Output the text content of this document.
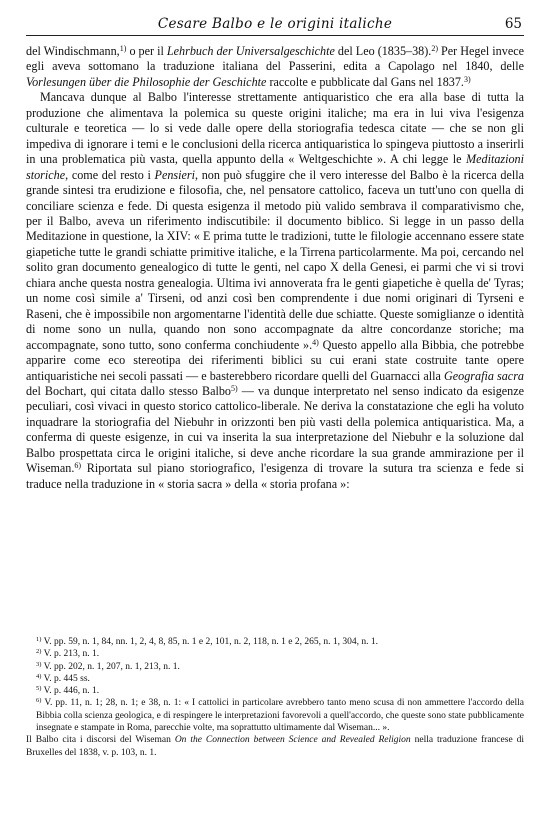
Cesare Balbo e le origini italiche	65

del Windischmann,$^{1)}$ o per il Lehrbuch der Universalgeschichte del Leo (1835–38).$^{2)}$ Per Hegel invece egli aveva sottomano la traduzione italiana del Passerini, edita a Capolago nel 1840, delle Vorlesungen über die Philosophie der Geschichte raccolte e pubblicate dal Gans nel 1837.$^{3)}$

Mancava dunque al Balbo l'interesse strettamente antiquaristico che era alla base di tutta la produzione che alimentava la polemica su queste origini italiche; ma era in lui viva l'esigenza culturale e teoretica — lo si vede dalle opere della storiografia tedesca citate — che se non gli impediva di ignorare i temi e le conclusioni della ricerca antiquaristica lo spingeva piuttosto a inserirli in una problematica più vasta, quella appunto della « Weltgeschichte ». A chi legge le Meditazioni storiche, come del resto i Pensieri, non può sfuggire che il vero interesse del Balbo è la ricerca della grande sintesi tra erudizione e filosofia, che, nel pensatore cattolico, faceva un tutt'uno con quella di conciliare scienza e fede. Di questa esigenza il metodo più valido sembrava il comparativismo che, per il Balbo, aveva un riferimento indiscutibile: il documento biblico. Si legge in un passo della Meditazione in questione, la XIV: « E prima tutte le tradizioni, tutte le filologie accennano essere state giapetiche tutte le grandi schiatte primitive italiche, e la Tirrena particolarmente. Ma poi, cercando nel solito gran documento genealogico di tutte le genti, nel capo X della Genesi, ei parmi che vi si trovi chiara anche questa nostra genealogia. Ultima ivi annoverata fra le genti giapetiche è quella de' Tyras; un nome così simile a' Tirseni, od anzi così ben comprendente i due nomi originari di Tyrseni e Raseni, che è impossibile non argomentarne l'identità delle due schiatte. Queste somiglianze o identità di nome sono un nulla, quando non sono accompagnate da altre concordanze storiche; ma accompagnate, sono tutto, sono conferma conchiudente ».$^{4)}$ Questo appello alla Bibbia, che potrebbe apparire come eco stereotipa dei riferimenti biblici su cui erani state costruite tante opere antiquaristiche nei secoli passati — e basterebbero ricordare quelli del Guarnacci alla Geografia sacra del Bochart, qui citata dallo stesso Balbo$^{5)}$ — va dunque interpretato nel senso indicato da esigenze peculiari, così vivaci in questo storico cattolico-liberale. Ne deriva la constatazione che egli ha voluto inquadrare la storiografia del Niebuhr in orizzonti ben più vasti della polemica antiquaristica. Ma, a conferma di queste esigenze, in cui va inserita la sua interpretazione del Niebuhr e la soluzione dal Balbo prospettata circa le origini italiche, si deve anche ricordare la sua grande ammirazione per il Wiseman.$^{6)}$ Riportata sul piano storiografico, l'esigenza di trovare la sutura tra scienza e fede si traduce nella traduzione in « storia sacra » della « storia profana »:

$^{1)}$ V. pp. 59, n. 1, 84, nn. 1, 2, 4, 8, 85, n. 1 e 2, 101, n. 2, 118, n. 1 e 2, 265, n. 1, 304, n. 1.

$^{2)}$ V. p. 213, n. 1.

$^{3)}$ V. pp. 202, n. 1, 207, n. 1, 213, n. 1.

$^{4)}$ V. p. 445 ss.

$^{5)}$ V. p. 446, n. 1.

$^{6)}$ V. pp. 11, n. 1; 28, n. 1; e 38, n. 1: « I cattolici in particolare avrebbero tanto meno scusa di non ammettere l'accordo della Bibbia colla scienza geologica, e di respingere le interpretazioni favorevoli a quell'accordo, che queste sono state pubblicamente insegnate e stampate in Roma, parecchie volte, ma soprattutto ultimamente dal Wiseman... ».

Il Balbo cita i discorsi del Wiseman On the Connection between Science and Revealed Religion nella traduzione francese di Bruxelles del 1838, v. p. 103, n. 1.
